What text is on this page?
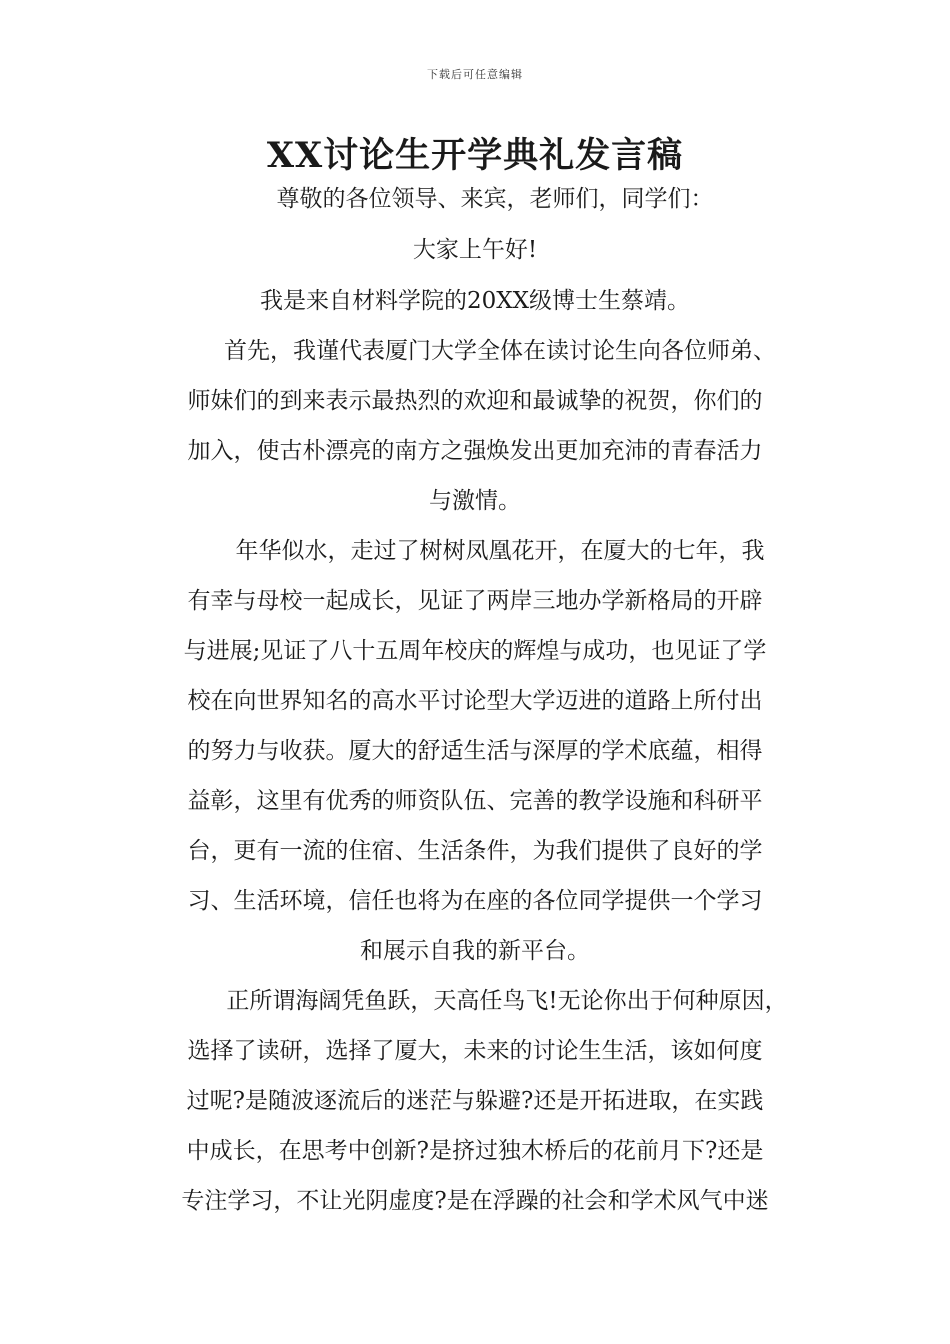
下载后可任意编辑
XX讨论生开学典礼发言稿
尊敬的各位领导、来宾，老师们，同学们：
大家上午好!
我是来自材料学院的20XX级博士生蔡靖。
首先，我谨代表厦门大学全体在读讨论生向各位师弟、
师妹们的到来表示最热烈的欢迎和最诚挚的祝贺，你们的
加入，使古朴漂亮的南方之强焕发出更加充沛的青春活力
与激情。
年华似水，走过了树树凤凰花开，在厦大的七年，我
有幸与母校一起成长，见证了两岸三地办学新格局的开辟
与进展;见证了八十五周年校庆的辉煌与成功，也见证了学
校在向世界知名的高水平讨论型大学迈进的道路上所付出
的努力与收获。厦大的舒适生活与深厚的学术底蕴，相得
益彰，这里有优秀的师资队伍、完善的教学设施和科研平
台，更有一流的住宿、生活条件，为我们提供了良好的学
习、生活环境，信任也将为在座的各位同学提供一个学习
和展示自我的新平台。
正所谓海阔凭鱼跃，天高任鸟飞!无论你出于何种原因，
选择了读研，选择了厦大，未来的讨论生生活，该如何度
过呢?是随波逐流后的迷茫与躲避?还是开拓进取，在实践
中成长，在思考中创新?是挤过独木桥后的花前月下?还是
专注学习，不让光阴虚度?是在浮躁的社会和学术风气中迷
